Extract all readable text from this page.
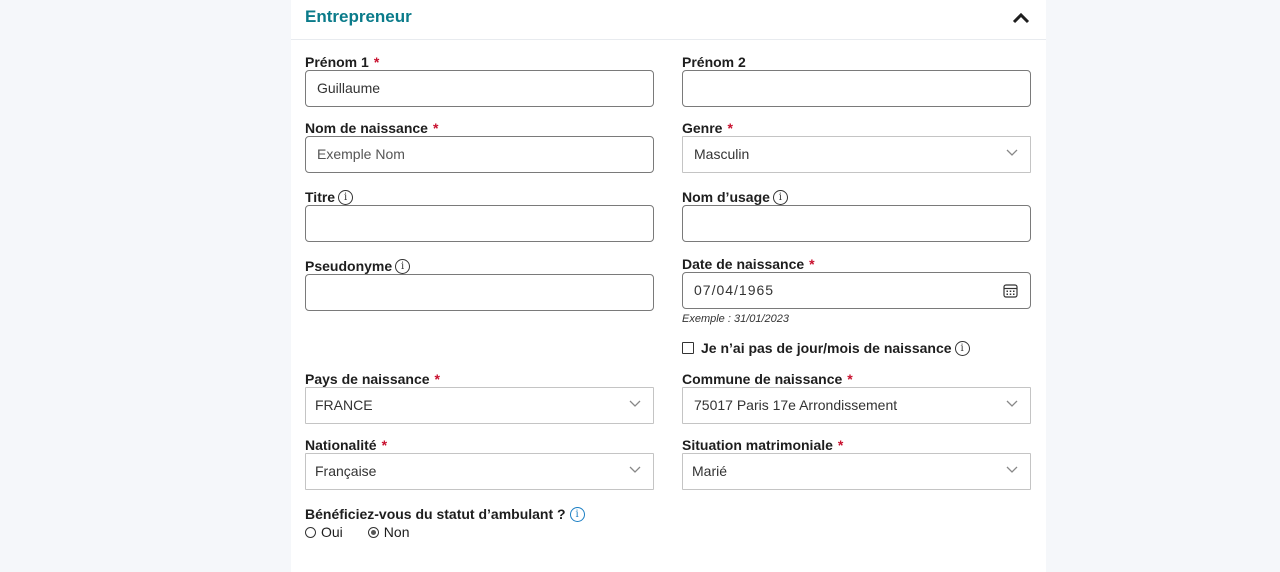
Entrepreneur
Prénom 1 *
Guillaume
Prénom 2
Nom de naissance *
Exemple Nom
Genre *
Masculin
Titre i	Nom d’usage i
Pseudonyme i	Date de naissance *
07/04/1965
Exemple : 31/01/2023
Je n’ai pas de jour/mois de naissance i
Pays de naissance *
FRANCE
Commune de naissance *
75017 Paris 17e Arrondissement
Nationalité *
Française
Situation matrimoniale *
Marié
Bénéficiez-vous du statut d’ambulant ? i
Oui	Non
